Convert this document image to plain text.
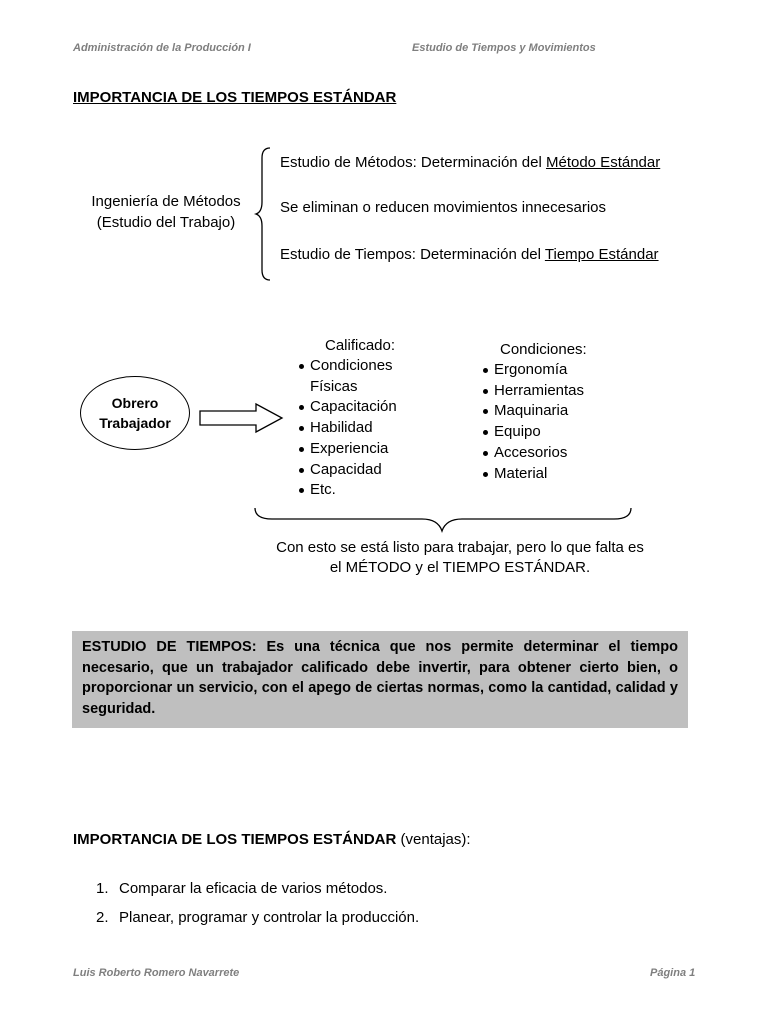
Administración de la Producción I	Estudio de Tiempos y Movimientos
IMPORTANCIA DE LOS TIEMPOS ESTÁNDAR
Ingeniería de Métodos
(Estudio del Trabajo)
Estudio de Métodos: Determinación del Método Estándar
Se eliminan o reducen movimientos innecesarios
Estudio de Tiempos: Determinación del Tiempo Estándar
Obrero
Trabajador
Calificado:
Condiciones
Físicas
Capacitación
Habilidad
Experiencia
Capacidad
Etc.
Condiciones:
Ergonomía
Herramientas
Maquinaria
Equipo
Accesorios
Material
Con esto se está listo para trabajar, pero lo que falta es
el MÉTODO y el TIEMPO ESTÁNDAR.
ESTUDIO DE TIEMPOS: Es una técnica que nos permite determinar el tiempo necesario, que un trabajador calificado debe invertir, para obtener cierto bien, o proporcionar un servicio, con el apego de ciertas normas, como la cantidad, calidad y seguridad.
IMPORTANCIA DE LOS TIEMPOS ESTÁNDAR (ventajas):
1. Comparar la eficacia de varios métodos.
2. Planear, programar y controlar la producción.
Luis Roberto Romero Navarrete	Página 1
